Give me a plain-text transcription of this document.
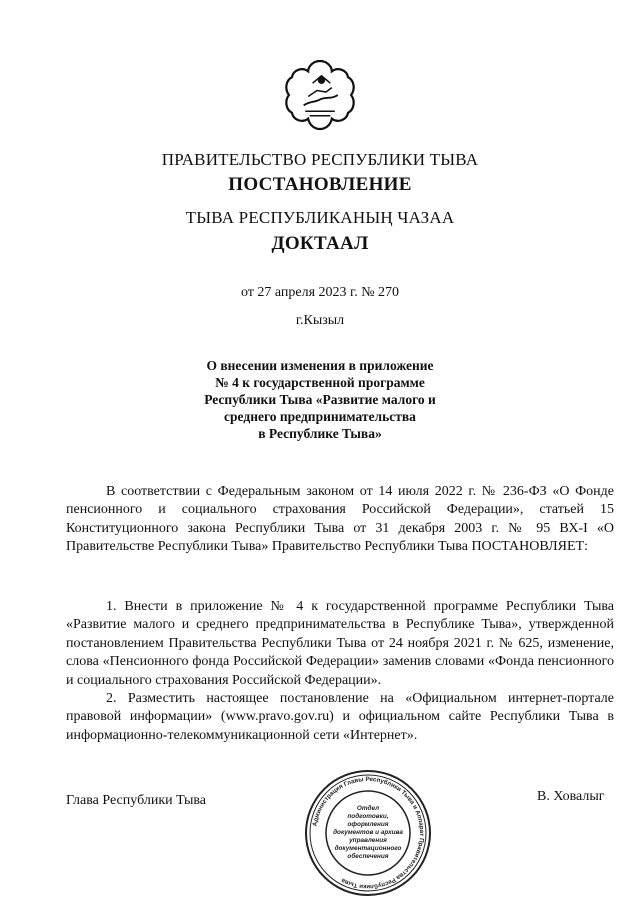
ПРАВИТЕЛЬСТВО РЕСПУБЛИКИ ТЫВА
ПОСТАНОВЛЕНИЕ
ТЫВА РЕСПУБЛИКАНЫҢ ЧАЗАА
ДОКТААЛ
от 27 апреля 2023 г. № 270
г.Кызыл
О внесении изменения в приложение
№ 4 к государственной программе
Республики Тыва «Развитие малого и
среднего предпринимательства
в Республике Тыва»

В соответствии с Федеральным законом от 14 июля 2022 г. № 236-ФЗ «О Фонде пенсионного и социального страхования Российской Федерации», статьей 15 Конституционного закона Республики Тыва от 31 декабря 2003 г. № 95 ВХ-I «О Правительстве Республики Тыва» Правительство Республики Тыва ПОСТАНОВЛЯЕТ:

1. Внести в приложение № 4 к государственной программе Республики Тыва «Развитие малого и среднего предпринимательства в Республике Тыва», утвержденной постановлением Правительства Республики Тыва от 24 ноября 2021 г. № 625, изменение, слова «Пенсионного фонда Российской Федерации» заменив словами «Фонда пенсионного и социального страхования Российской Федерации».

2. Разместить настоящее постановление на «Официальном интернет-портале правовой информации» (www.pravo.gov.ru) и официальном сайте Республики Тыва в информационно-телекоммуникационной сети «Интернет».

Глава Республики Тыва	В. Ховалыг
Администрация Главы Республики Тыва и Аппарат Правительства Республики Тыва
Отдел
подготовки,
оформления
документов и архива
управления
документационного
обеспечения
